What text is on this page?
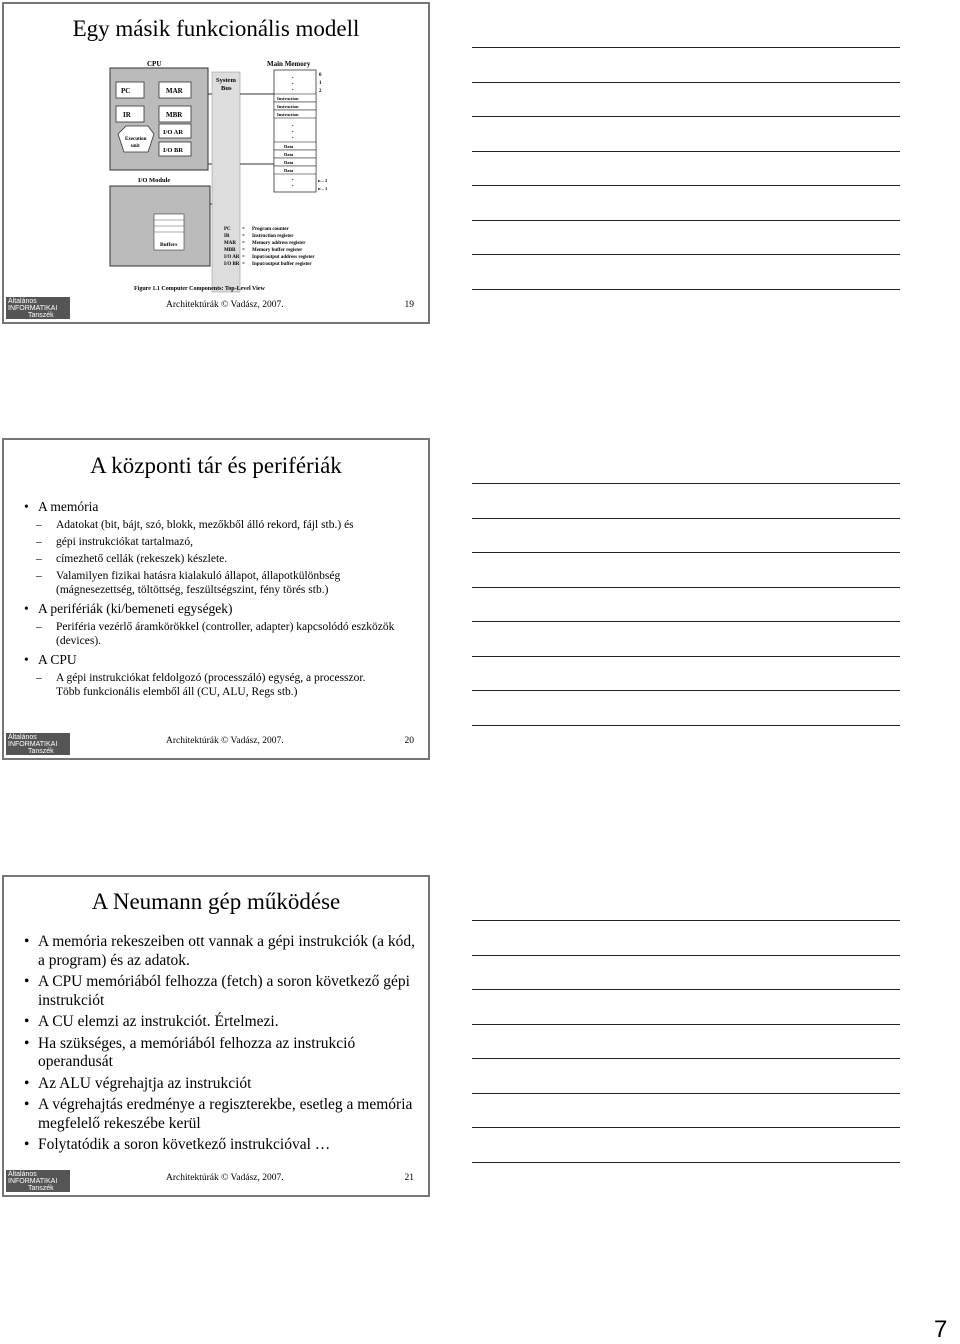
Egy másik funkcionális modell
CPU
PC	MAR
IR	MBR
I/O AR
I/O BR
Execution
unit
System
Bus
Main Memory
.
.
.
Instruction
Instruction
Instruction
.
.
.
Data
Data
Data
Data
.
.
0
1
2
n – 2
n – 1
I/O Module
Buffers
PC = Program counter
IR = Instruction register
MAR = Memory address register
MBR = Memory buffer register
I/O AR = Input/output address register
I/O BR = Input/output buffer register
Figure 1.1 Computer Components: Top-Level View
Általános
INFORMATIKAI
Tanszék
Architektúrák © Vadász, 2007.	19
A központi tár és perifériák
• A memória
– Adatokat (bit, bájt, szó, blokk, mezőkből álló rekord, fájl stb.) és
– gépi instrukciókat tartalmazó,
– címezhető cellák (rekeszek) készlete.
– Valamilyen fizikai hatásra kialakuló állapot, állapotkülönbség (mágnesezettség, töltöttség, feszültségszint, fény törés stb.)
• A perifériák (ki/bemeneti egységek)
– Periféria vezérlő áramkörökkel (controller, adapter) kapcsolódó eszközök (devices).
• A CPU
– A gépi instrukciókat feldolgozó (processzáló) egység, a processzor.
Több funkcionális elemből áll (CU, ALU, Regs stb.)
Általános
INFORMATIKAI
Tanszék
Architektúrák © Vadász, 2007.	20
A Neumann gép működése
• A memória rekeszeiben ott vannak a gépi instrukciók (a kód, a program) és az adatok.
• A CPU memóriából felhozza (fetch) a soron következő gépi instrukciót
• A CU elemzi az instrukciót. Értelmezi.
• Ha szükséges, a memóriából felhozza az instrukció operandusát
• Az ALU végrehajtja az instrukciót
• A végrehajtás eredménye a regiszterekbe, esetleg a memória megfelelő rekeszébe kerül
• Folytatódik a soron következő instrukcióval …
Általános
INFORMATIKAI
Tanszék
Architektúrák © Vadász, 2007.	21
7
